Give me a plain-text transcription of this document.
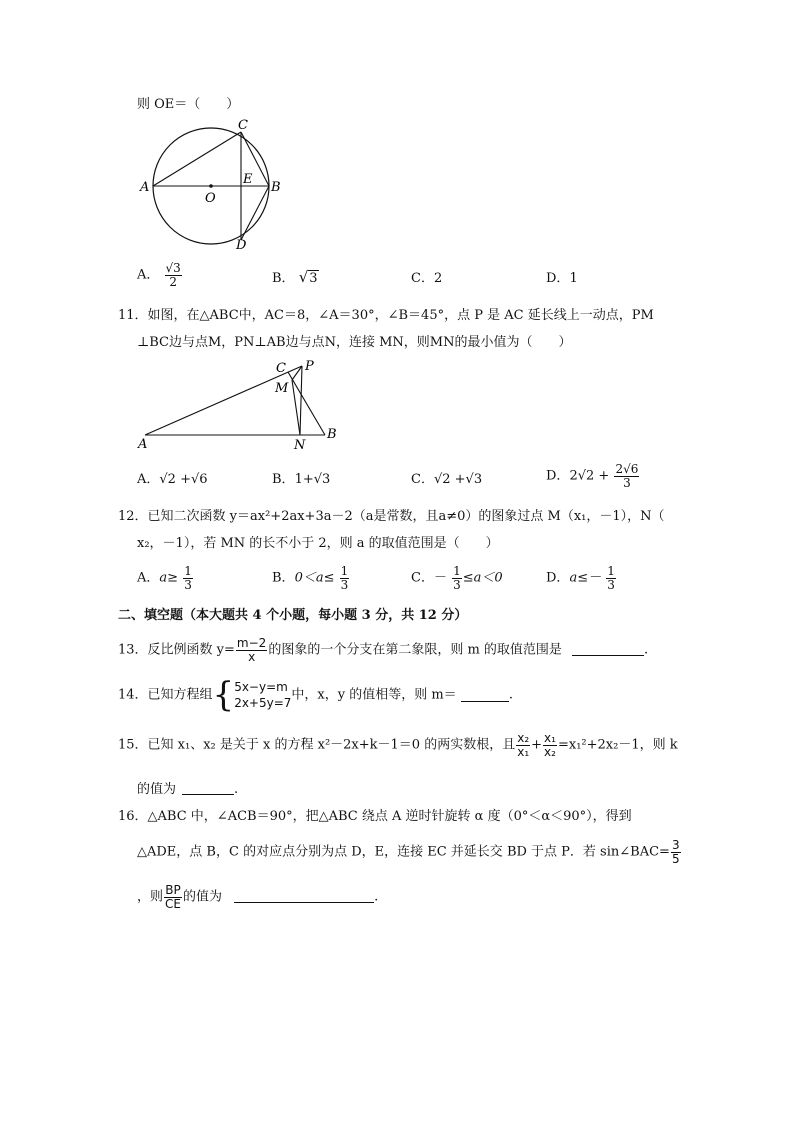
则 OE＝（　　）
A	B
C
D
E
O
A． $\frac{√3}{2}$	B． √3	C．2	D．1
11．如图，在△ABC中，AC＝8，∠A＝30°，∠B＝45°，点 P 是 AC 延长线上一动点，PM
⊥BC边与点M，PN⊥AB边与点N，连接 MN，则MN的最小值为（　　）
A
B
C P
M
N
A．√2 +√6	B．1+√3	C．√2 +√3	D．$2√2 + \frac{2√6}{3}$
12．已知二次函数 y＝ax²+2ax+3a－2（a是常数，且a≠0）的图象过点 M（x₁，－1），N（
x₂，－1），若 MN 的长不小于 2，则 a 的取值范围是（　　）
A．$a\ge \frac{1}{3}$	B．$0<a\le \frac{1}{3}$	C．－ $\frac{1}{3} \le a<0$	D．$a\le- \frac{1}{3}$
二、填空题（本大题共 4 个小题，每小题 3 分，共 12 分）
13．反比例函数 $y= \frac{m-2}{x}$ 的图象的一个分支在第二象限，则 m 的取值范围是	.
14．已知方程组{ 5x−y=m
2x+5y=7
中，x，y 的值相等，则 m＝	.
15．已知 x₁、x₂ 是关于 x 的方程 x²－2x+k－1＝0 的两实数根，且 $\frac{\text{x₂}}{\text{x₁}} + \frac{\text{x₁}}{\text{x₂}} =x_1^2+2x_2-1$，则 k
的值为	.
16．△ABC 中，∠ACB＝90°，把△ABC 绕点 A 逆时针旋转 α 度（0°＜α＜90°），得到
△ADE，点 B，C 的对应点分别为点 D，E，连接 EC 并延长交 BD 于点 P．若 sin∠BAC= $\frac{3}{5}$
，则 $\frac{BP}{CE}$ 的值为	.
